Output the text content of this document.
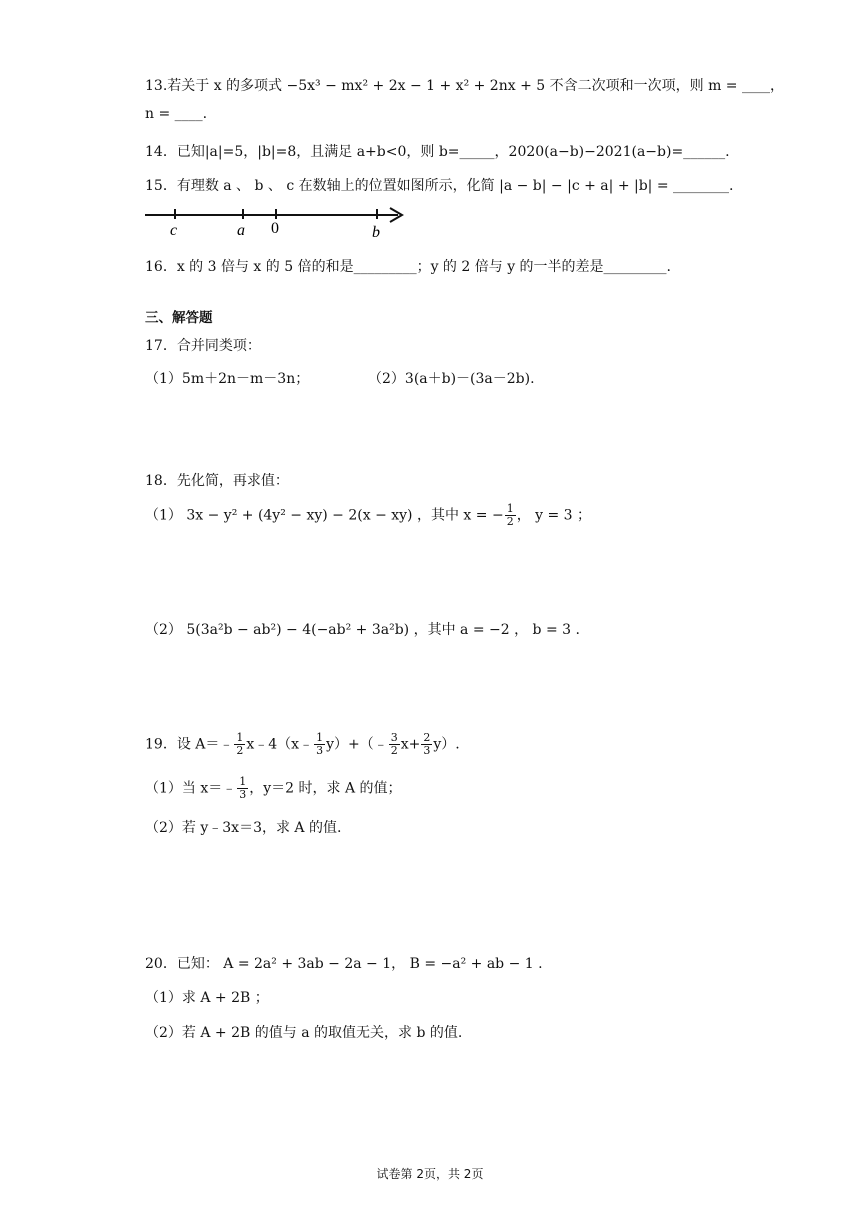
13.若关于 x 的多项式 −5x³ − mx² + 2x − 1 + x² + 2nx + 5 不含二次项和一次项，则 m = ____，
n = ____.
14．已知|a|=5，|b|=8，且满足 a+b<0，则 b=_____，2020(a−b)−2021(a−b)=______.
15．有理数 a 、 b 、 c 在数轴上的位置如图所示，化简 |a − b| − |c + a| + |b| = ________.
c	a 0	b
16．x 的 3 倍与 x 的 5 倍的和是_________；y 的 2 倍与 y 的一半的差是_________.
三、解答题
17．合并同类项：
（1）5m＋2n－m－3n；	（2）3(a＋b)－(3a－2b).
18．先化简，再求值：
（1） 3x − y² + (4y² − xy) − 2(x − xy) ，其中 x = − $\frac{1}{2}$ ， y = 3 ；
（2） 5(3a²b − ab²) − 4(−ab² + 3a²b) ，其中 a = −2 ， b = 3 .
19．设 A＝﹣ $\frac{1}{2}$ x﹣4（x﹣ $\frac{1}{3}$ y）+（﹣ $\frac{3}{2} x+ \frac{2}{3} y$）.
（1）当 x＝﹣ $\frac{1}{3}$ ，y＝2 时，求 A 的值；
（2）若 y﹣3x＝3，求 A 的值.
20．已知： A = 2a² + 3ab − 2a − 1， B = −a² + ab − 1 .
（1）求 A + 2B ；
（2）若 A + 2B 的值与 a 的取值无关，求 b 的值.
试卷第 2页，共 2页
